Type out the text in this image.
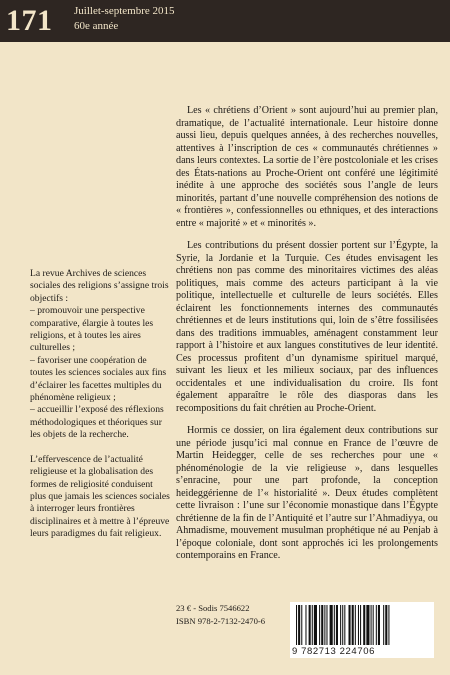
171 Juillet-septembre 2015
60e année

Les « chrétiens d’Orient » sont aujourd’hui au premier plan, dramatique, de l’actualité internationale. Leur histoire donne aussi lieu, depuis quelques années, à des recherches nouvelles, attentives à l’inscription de ces « communautés chrétiennes » dans leurs contextes. La sortie de l’ère postcoloniale et les crises des États-nations au Proche-Orient ont conféré une légitimité inédite à une approche des sociétés sous l’angle de leurs minorités, partant d’une nouvelle compréhension des notions de « frontières », confessionnelles ou ethniques, et des interactions entre « majorité » et « minorités ».

Les contributions du présent dossier portent sur l’Égypte, la Syrie, la Jordanie et la Turquie. Ces études envisagent les chrétiens non pas comme des minoritaires victimes des aléas politiques, mais comme des acteurs participant à la vie politique, intellectuelle et culturelle de leurs sociétés. Elles éclairent les fonctionnements internes des communautés chrétiennes et de leurs institutions qui, loin de s’être fossilisées dans des traditions immuables, aménagent constamment leur rapport à l’histoire et aux langues constitutives de leur identité. Ces processus profitent d’un dynamisme spirituel marqué, suivant les lieux et les milieux sociaux, par des influences occidentales et une individualisation du croire. Ils font également apparaître le rôle des diasporas dans les recompositions du fait chrétien au Proche-Orient.

Hormis ce dossier, on lira également deux contributions sur une période jusqu’ici mal connue en France de l’œuvre de Martin Heidegger, celle de ses recherches pour une « phénoménologie de la vie religieuse », dans lesquelles s’enracine, pour une part profonde, la conception heideggérienne de l’« historialité ». Deux études complètent cette livraison : l’une sur l’économie monastique dans l’Égypte chrétienne de la fin de l’Antiquité et l’autre sur l’Ahmadiyya, ou Ahmadisme, mouvement musulman prophétique né au Penjab à l’époque coloniale, dont sont approchés ici les prolongements contemporains en France.

La revue Archives de sciences sociales des religions s’assigne trois objectifs :

– promouvoir une perspective comparative, élargie à toutes les religions, et à toutes les aires culturelles ;

– favoriser une coopération de toutes les sciences sociales aux fins d’éclairer les facettes multiples du phénomène religieux ;

– accueillir l’exposé des réflexions méthodologiques et théoriques sur les objets de la recherche.

L’effervescence de l’actualité religieuse et la globalisation des formes de religiosité conduisent plus que jamais les sciences sociales à interroger leurs frontières disciplinaires et à mettre à l’épreuve leurs paradigmes du fait religieux.

23 € - Sodis 7546622
ISBN 978-2-7132-2470-6
9 782713 224706
